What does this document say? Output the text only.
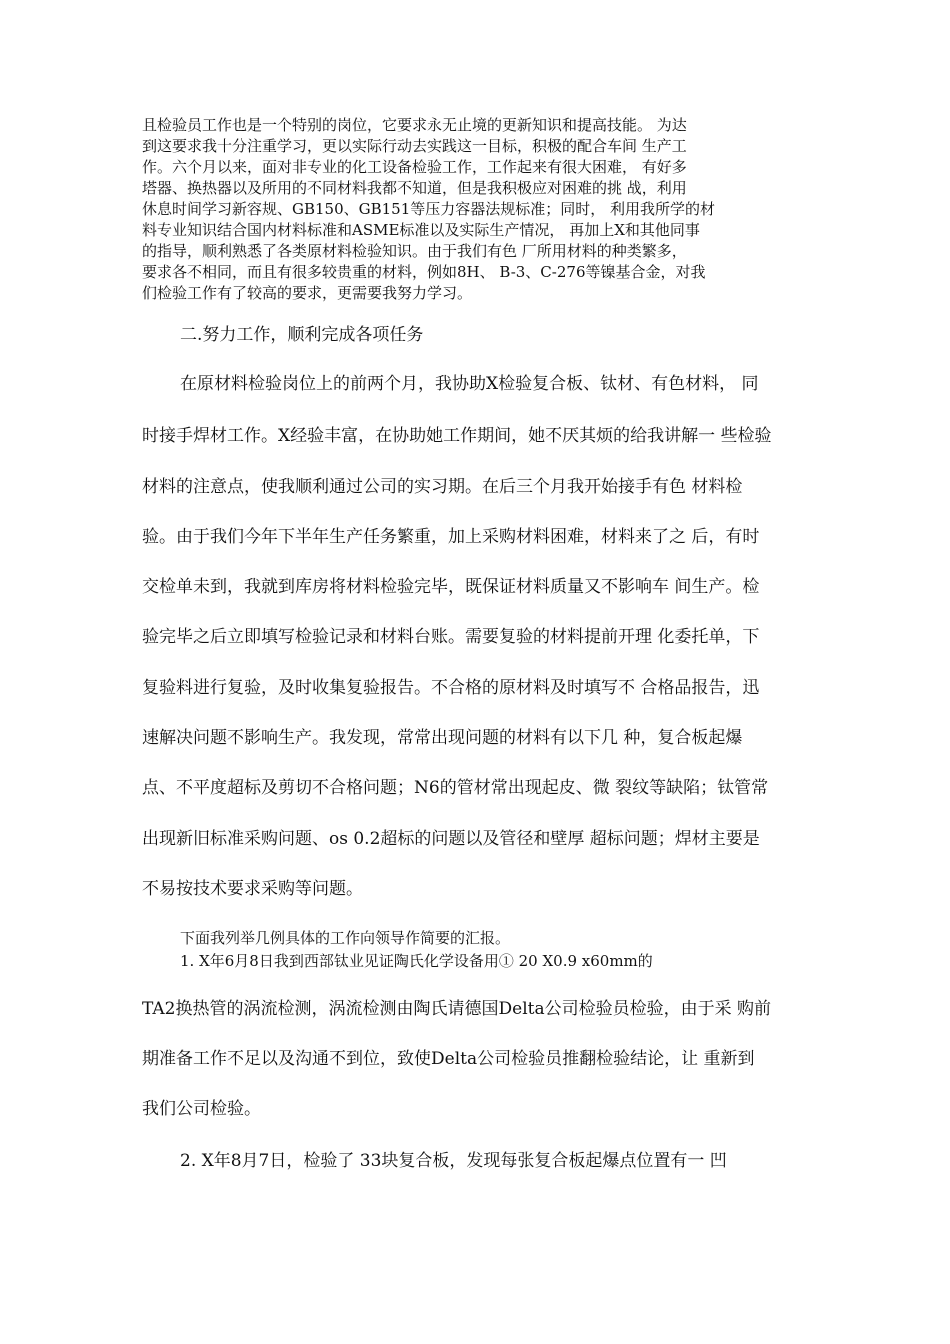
且检验员工作也是一个特别的岗位，它要求永无止境的更新知识和提高技能。 为达

到这要求我十分注重学习，更以实际行动去实践这一目标，积极的配合车间 生产工

作。六个月以来，面对非专业的化工设备检验工作，工作起来有很大困难， 有好多

塔器、换热器以及所用的不同材料我都不知道，但是我积极应对困难的挑 战，利用

休息时间学习新容规、GB150、GB151等压力容器法规标准；同时， 利用我所学的材

料专业知识结合国内材料标准和ASME标准以及实际生产情况， 再加上X和其他同事

的指导，顺利熟悉了各类原材料检验知识。由于我们有色 厂所用材料的种类繁多，

要求各不相同，而且有很多较贵重的材料，例如8H、 B-3、C-276等镍基合金，对我

们检验工作有了较高的要求，更需要我努力学习。

二.努力工作，顺利完成各项任务

在原材料检验岗位上的前两个月，我协助X检验复合板、钛材、有色材料， 同

时接手焊材工作。X经验丰富，在协助她工作期间，她不厌其烦的给我讲解一 些检验

材料的注意点，使我顺利通过公司的实习期。在后三个月我开始接手有色 材料检

验。由于我们今年下半年生产任务繁重，加上采购材料困难，材料来了之 后，有时

交检单未到，我就到库房将材料检验完毕，既保证材料质量又不影响车 间生产。检

验完毕之后立即填写检验记录和材料台账。需要复验的材料提前开理 化委托单，下

复验料进行复验，及时收集复验报告。不合格的原材料及时填写不 合格品报告，迅

速解决问题不影响生产。我发现，常常出现问题的材料有以下几 种，复合板起爆

点、不平度超标及剪切不合格问题；N6的管材常出现起皮、微 裂纹等缺陷；钛管常

出现新旧标准采购问题、os 0.2超标的问题以及管径和壁厚 超标问题；焊材主要是

不易按技术要求采购等问题。

下面我列举几例具体的工作向领导作简要的汇报。

1. X年6月8日我到西部钛业见证陶氏化学设备用① 20 X0.9 x60mm的

TA2换热管的涡流检测，涡流检测由陶氏请德国Delta公司检验员检验，由于采 购前

期准备工作不足以及沟通不到位，致使Delta公司检验员推翻检验结论，让 重新到

我们公司检验。

2. X年8月7日，检验了 33块复合板，发现每张复合板起爆点位置有一 凹
